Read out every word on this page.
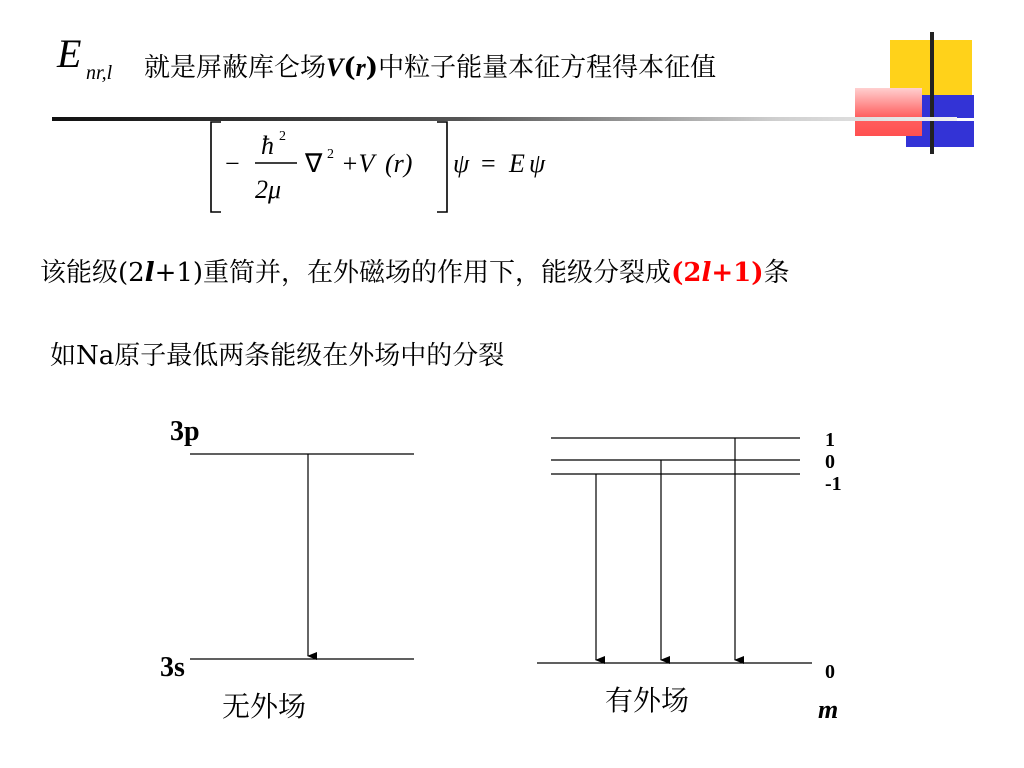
E nr,l 就是屏蔽库仑场V(r)中粒子能量本征方程得本征值
−
ħ 2
2μ
∇ 2 +V (r) ψ = E ψ
该能级(2l+1)重简并，在外磁场的作用下，能级分裂成(2l+1)条
如Na原子最低两条能级在外场中的分裂
3p
3s
1
0
-1
0
m
无外场	有外场
